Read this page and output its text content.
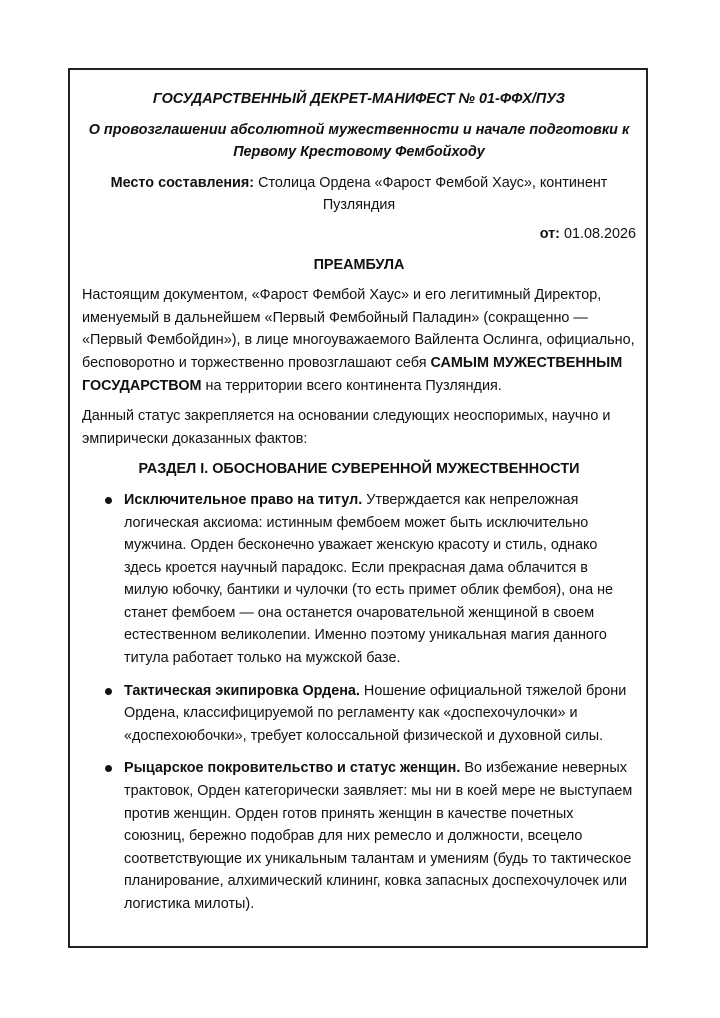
ГОСУДАРСТВЕННЫЙ ДЕКРЕТ-МАНИФЕСТ № 01-ФФХ/ПУЗ

О провозглашении абсолютной мужественности и начале подготовки к Первому Крестовому Фембойходу

Место составления: Столица Ордена «Фарост Фембой Хаус», континент Пузляндия

от: 01.08.2026

ПРЕАМБУЛА

Настоящим документом, «Фарост Фембой Хаус» и его легитимный Директор, именуемый в дальнейшем «Первый Фембойный Паладин» (сокращенно — «Первый Фембойдин»), в лице многоуважаемого Вайлента Ослинга, официально, бесповоротно и торжественно провозглашают себя САМЫМ МУЖЕСТВЕННЫМ ГОСУДАРСТВОМ на территории всего континента Пузляндия.

Данный статус закрепляется на основании следующих неоспоримых, научно и эмпирически доказанных фактов:

РАЗДЕЛ I. ОБОСНОВАНИЕ СУВЕРЕННОЙ МУЖЕСТВЕННОСТИ

Исключительное право на титул. Утверждается как непреложная логическая аксиома: истинным фембоем может быть исключительно мужчина. Орден бесконечно уважает женскую красоту и стиль, однако здесь кроется научный парадокс. Если прекрасная дама облачится в милую юбочку, бантики и чулочки (то есть примет облик фембоя), она не станет фембоем — она останется очаровательной женщиной в своем естественном великолепии. Именно поэтому уникальная магия данного титула работает только на мужской базе.
Тактическая экипировка Ордена. Ношение официальной тяжелой брони Ордена, классифицируемой по регламенту как «доспехочулочки» и «доспехоюбочки», требует колоссальной физической и духовной силы.
Рыцарское покровительство и статус женщин. Во избежание неверных трактовок, Орден категорически заявляет: мы ни в коей мере не выступаем против женщин. Орден готов принять женщин в качестве почетных союзниц, бережно подобрав для них ремесло и должности, всецело соответствующие их уникальным талантам и умениям (будь то тактическое планирование, алхимический клининг, ковка запасных доспехочулочек или логистика милоты).
